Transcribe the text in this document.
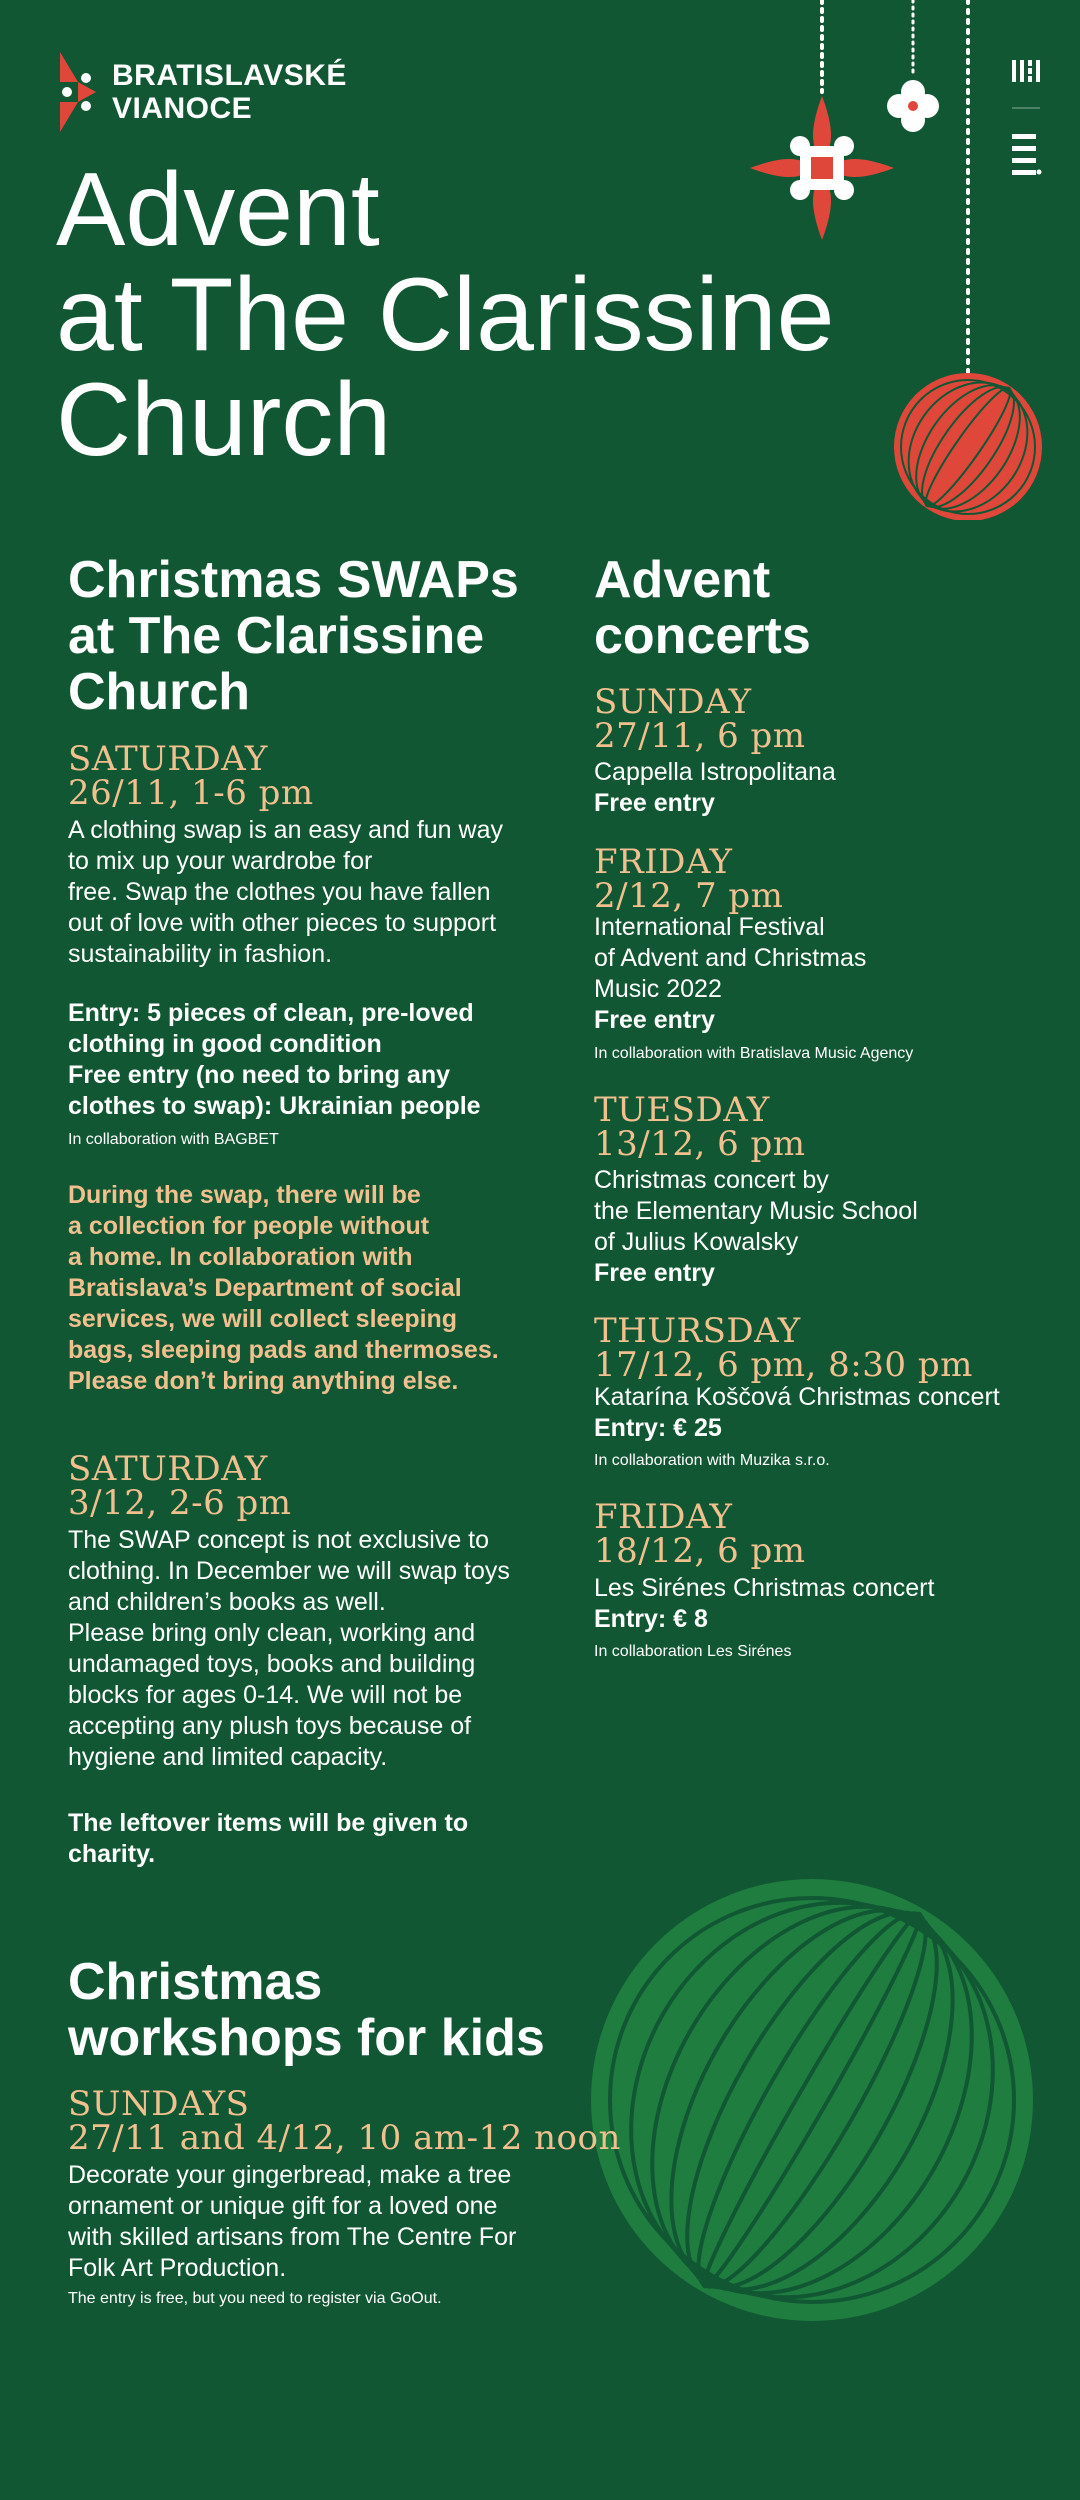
BRATISLAVSKÉ
VIANOCE
Advent
at The Clarissine
Church
Christmas SWAPs
at The Clarissine
Church
SATURDAY
26/11, 1-6 pm
A clothing swap is an easy and fun way
to mix up your wardrobe for
free. Swap the clothes you have fallen
out of love with other pieces to support
sustainability in fashion.
Entry: 5 pieces of clean, pre-loved
clothing in good condition
Free entry (no need to bring any
clothes to swap): Ukrainian people
In collaboration with BAGBET
During the swap, there will be
a collection for people without
a home. In collaboration with
Bratislava’s Department of social
services, we will collect sleeping
bags, sleeping pads and thermoses.
Please don’t bring anything else.
SATURDAY
3/12, 2-6 pm
The SWAP concept is not exclusive to
clothing. In December we will swap toys
and children’s books as well.
Please bring only clean, working and
undamaged toys, books and building
blocks for ages 0-14. We will not be
accepting any plush toys because of
hygiene and limited capacity.
The leftover items will be given to
charity.
Advent
concerts
SUNDAY
27/11, 6 pm
Cappella Istropolitana
Free entry
FRIDAY
2/12, 7 pm
International Festival
of Advent and Christmas
Music 2022
Free entry
In collaboration with Bratislava Music Agency
TUESDAY
13/12, 6 pm
Christmas concert by
the Elementary Music School
of Julius Kowalsky
Free entry
THURSDAY
17/12, 6 pm, 8:30 pm
Katarína Koščová Christmas concert
Entry: € 25
In collaboration with Muzika s.r.o.
FRIDAY
18/12, 6 pm
Les Sirénes Christmas concert
Entry: € 8
In collaboration Les Sirénes
Christmas
workshops for kids
SUNDAYS
27/11 and 4/12, 10 am-12 noon
Decorate your gingerbread, make a tree
ornament or unique gift for a loved one
with skilled artisans from The Centre For
Folk Art Production.
The entry is free, but you need to register via GoOut.
